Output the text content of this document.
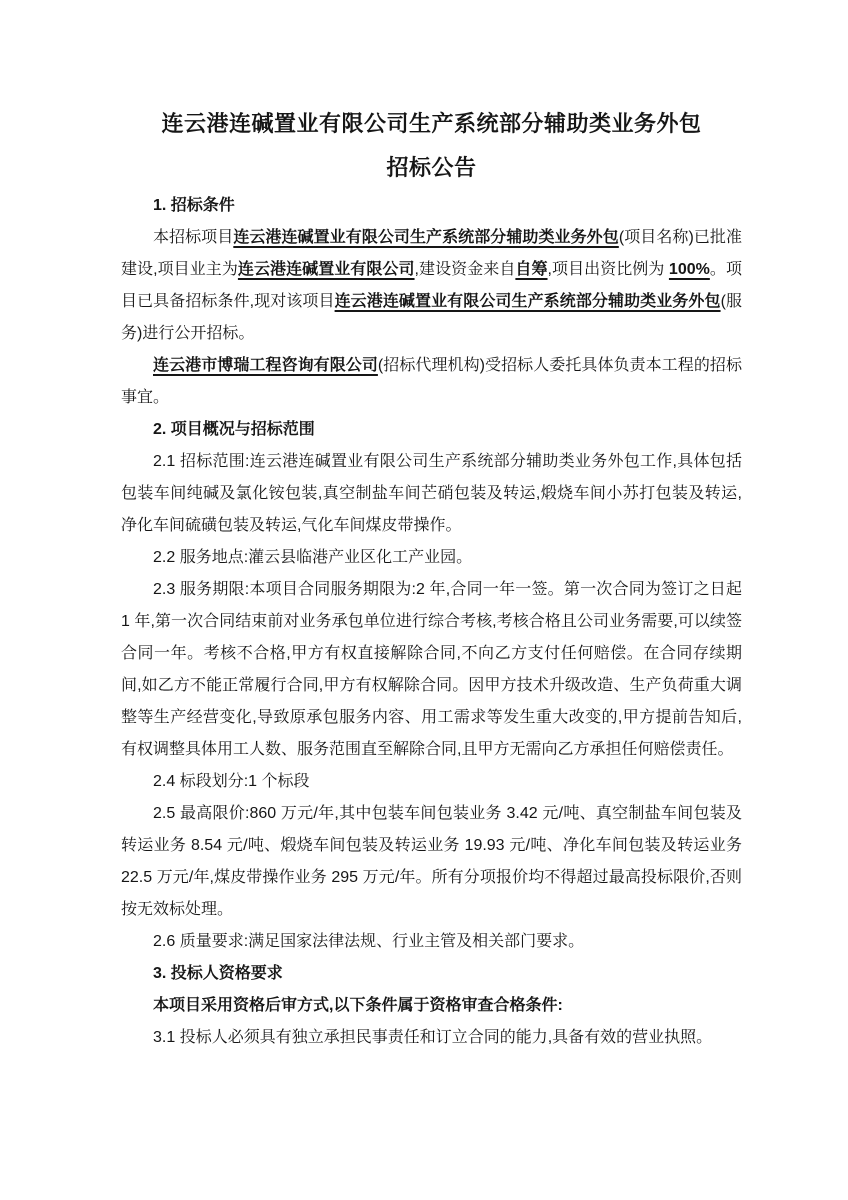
连云港连碱置业有限公司生产系统部分辅助类业务外包
招标公告

1. 招标条件

本招标项目连云港连碱置业有限公司生产系统部分辅助类业务外包(项目名称)已批准建设,项目业主为连云港连碱置业有限公司,建设资金来自自筹,项目出资比例为 100%。项目已具备招标条件,现对该项目连云港连碱置业有限公司生产系统部分辅助类业务外包(服务)进行公开招标。

连云港市博瑞工程咨询有限公司(招标代理机构)受招标人委托具体负责本工程的招标事宜。

2. 项目概况与招标范围

2.1 招标范围:连云港连碱置业有限公司生产系统部分辅助类业务外包工作,具体包括包装车间纯碱及氯化铵包装,真空制盐车间芒硝包装及转运,煅烧车间小苏打包装及转运,净化车间硫磺包装及转运,气化车间煤皮带操作。

2.2 服务地点:灌云县临港产业区化工产业园。

2.3 服务期限:本项目合同服务期限为:2 年,合同一年一签。第一次合同为签订之日起 1 年,第一次合同结束前对业务承包单位进行综合考核,考核合格且公司业务需要,可以续签合同一年。考核不合格,甲方有权直接解除合同,不向乙方支付任何赔偿。在合同存续期间,如乙方不能正常履行合同,甲方有权解除合同。因甲方技术升级改造、生产负荷重大调整等生产经营变化,导致原承包服务内容、用工需求等发生重大改变的,甲方提前告知后,有权调整具体用工人数、服务范围直至解除合同,且甲方无需向乙方承担任何赔偿责任。

2.4 标段划分:1 个标段

2.5 最高限价:860 万元/年,其中包装车间包装业务 3.42 元/吨、真空制盐车间包装及转运业务 8.54 元/吨、煅烧车间包装及转运业务 19.93 元/吨、净化车间包装及转运业务 22.5 万元/年,煤皮带操作业务 295 万元/年。所有分项报价均不得超过最高投标限价,否则按无效标处理。

2.6 质量要求:满足国家法律法规、行业主管及相关部门要求。

3. 投标人资格要求

本项目采用资格后审方式,以下条件属于资格审查合格条件:

3.1 投标人必须具有独立承担民事责任和订立合同的能力,具备有效的营业执照。
